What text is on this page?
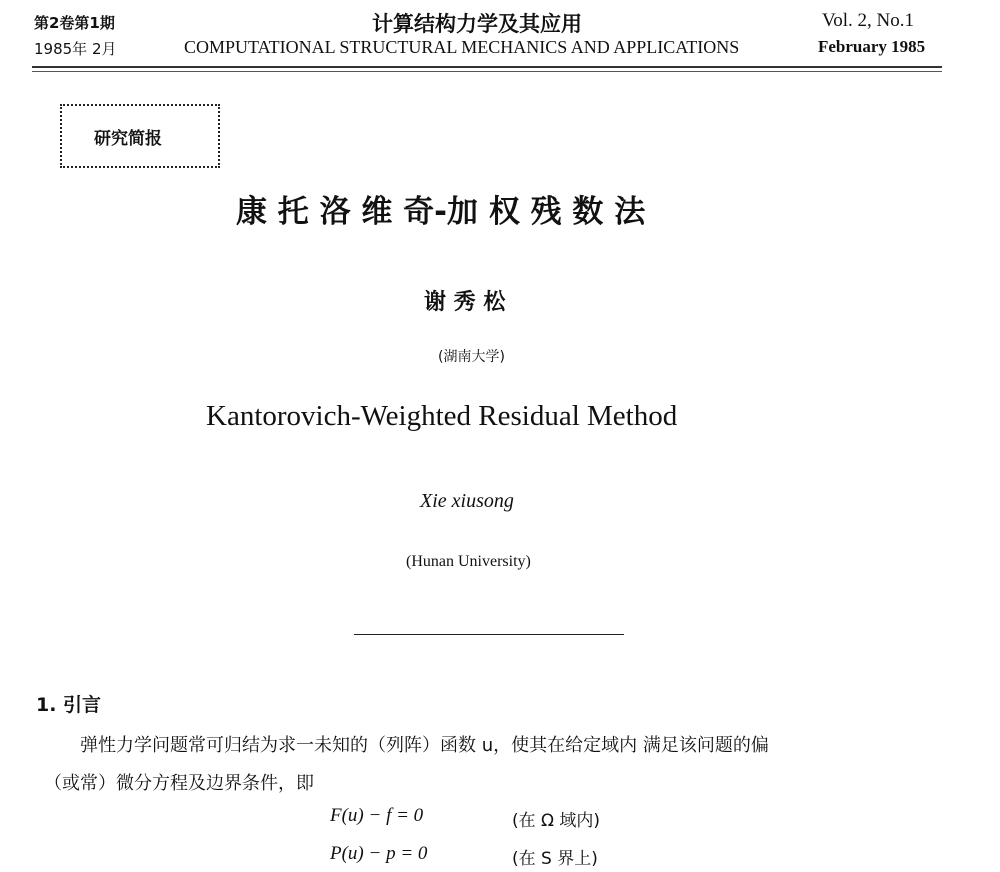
第2卷第1期
1985年 2月
计算结构力学及其应用
COMPUTATIONAL STRUCTURAL MECHANICS AND APPLICATIONS
Vol. 2, No.1
February 1985
研究简报
康 托 洛 维 奇-加 权 残 数 法
谢 秀 松
(湖南大学)
Kantorovich-Weighted Residual Method
Xie xiusong
(Hunan University)
1. 引言
弹性力学问题常可归结为求一未知的（列阵）函数 u，使其在给定域内 满足该问题的偏
（或常）微分方程及边界条件，即
F(u) − f = 0	(在 Ω 域内)
P(u) − p = 0	(在 S 界上)
